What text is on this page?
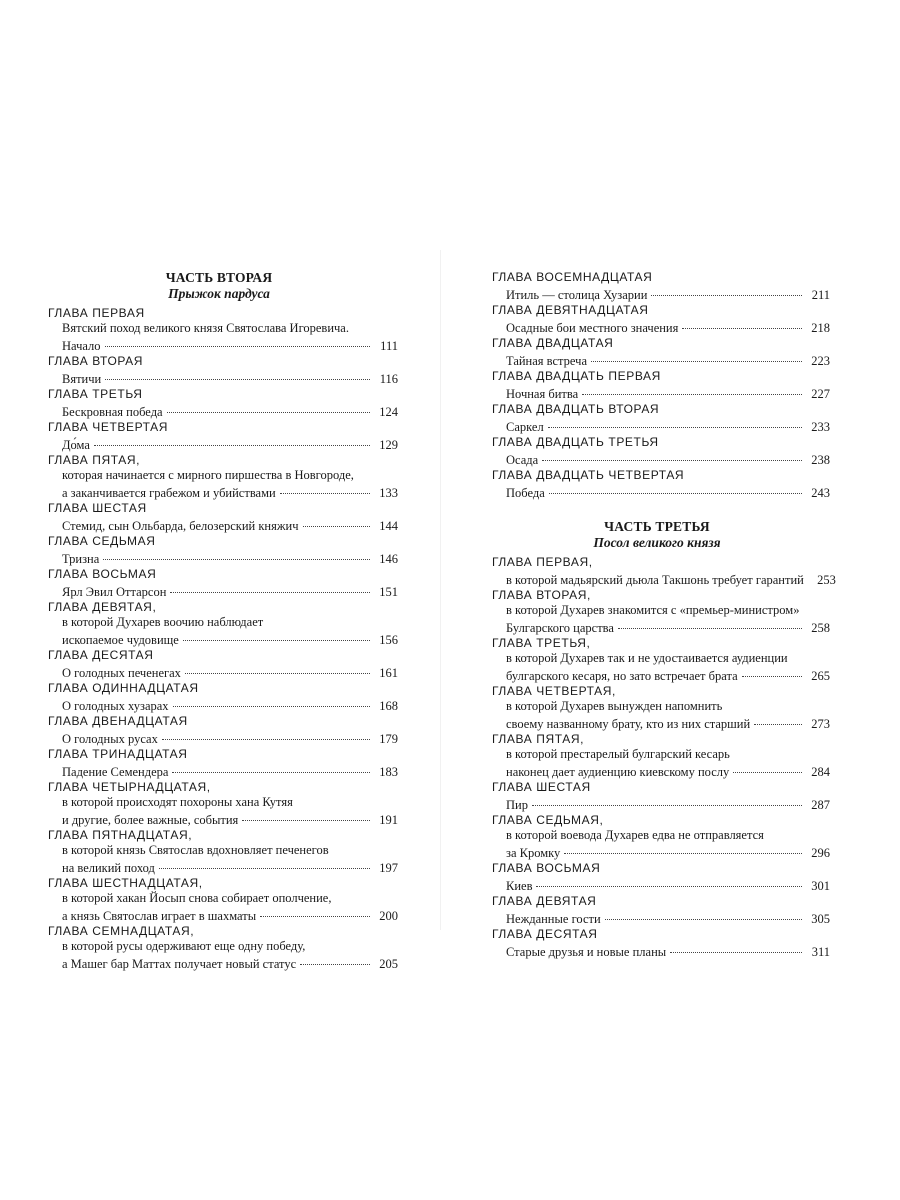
ЧАСТЬ ВТОРАЯ
Прыжок пардуса
ГЛАВА ПЕРВАЯ
Вятский поход великого князя Святослава Игоревича.
Начало	111
ГЛАВА ВТОРАЯ
Вятичи	116
ГЛАВА ТРЕТЬЯ
Бескровная победа	124
ГЛАВА ЧЕТВЕРТАЯ
До́ма	129
ГЛАВА ПЯТАЯ,
которая начинается с мирного пиршества в Новгороде,
а заканчивается грабежом и убийствами	133
ГЛАВА ШЕСТАЯ
Стемид, сын Ольбарда, белозерский княжич	144
ГЛАВА СЕДЬМАЯ
Тризна	146
ГЛАВА ВОСЬМАЯ
Ярл Эвил Оттарсон	151
ГЛАВА ДЕВЯТАЯ,
в которой Духарев воочию наблюдает
ископаемое чудовище	156
ГЛАВА ДЕСЯТАЯ
О голодных печенегах	161
ГЛАВА ОДИННАДЦАТАЯ
О голодных хузарах	168
ГЛАВА ДВЕНАДЦАТАЯ
О голодных русах	179
ГЛАВА ТРИНАДЦАТАЯ
Падение Семендера	183
ГЛАВА ЧЕТЫРНАДЦАТАЯ,
в которой происходят похороны хана Кутяя
и другие, более важные, события	191
ГЛАВА ПЯТНАДЦАТАЯ,
в которой князь Святослав вдохновляет печенегов
на великий поход	197
ГЛАВА ШЕСТНАДЦАТАЯ,
в которой хакан Йосып снова собирает ополчение,
а князь Святослав играет в шахматы	200
ГЛАВА СЕМНАДЦАТАЯ,
в которой русы одерживают еще одну победу,
а Машег бар Маттах получает новый статус	205
ГЛАВА ВОСЕМНАДЦАТАЯ
Итиль — столица Хузарии	211
ГЛАВА ДЕВЯТНАДЦАТАЯ
Осадные бои местного значения	218
ГЛАВА ДВАДЦАТАЯ
Тайная встреча	223
ГЛАВА ДВАДЦАТЬ ПЕРВАЯ
Ночная битва	227
ГЛАВА ДВАДЦАТЬ ВТОРАЯ
Саркел	233
ГЛАВА ДВАДЦАТЬ ТРЕТЬЯ
Осада	238
ГЛАВА ДВАДЦАТЬ ЧЕТВЕРТАЯ
Победа	243
ЧАСТЬ ТРЕТЬЯ
Посол великого князя
ГЛАВА ПЕРВАЯ,
в которой мадьярский дьюла Такшонь требует гарантий	253
ГЛАВА ВТОРАЯ,
в которой Духарев знакомится с «премьер-министром»
Булгарского царства	258
ГЛАВА ТРЕТЬЯ,
в которой Духарев так и не удостаивается аудиенции
булгарского кесаря, но зато встречает брата	265
ГЛАВА ЧЕТВЕРТАЯ,
в которой Духарев вынужден напомнить
своему названному брату, кто из них старший	273
ГЛАВА ПЯТАЯ,
в которой престарелый булгарский кесарь
наконец дает аудиенцию киевскому послу	284
ГЛАВА ШЕСТАЯ
Пир	287
ГЛАВА СЕДЬМАЯ,
в которой воевода Духарев едва не отправляется
за Кромку	296
ГЛАВА ВОСЬМАЯ
Киев	301
ГЛАВА ДЕВЯТАЯ
Нежданные гости	305
ГЛАВА ДЕСЯТАЯ
Старые друзья и новые планы	311
